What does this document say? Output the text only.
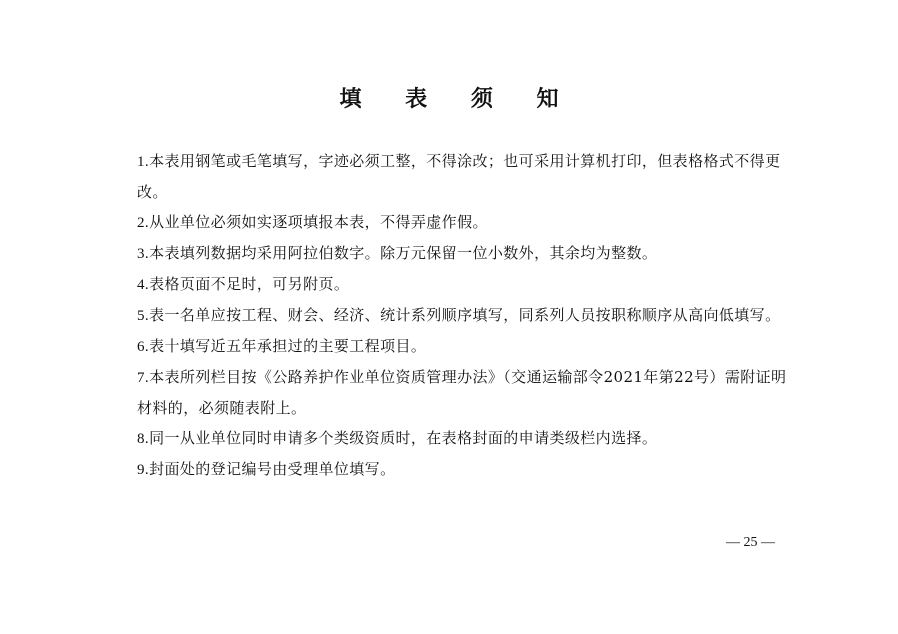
填 表 须 知

1.本表用钢笔或毛笔填写，字迹必须工整，不得涂改；也可采用计算机打印，但表格格式不得更改。

2.从业单位必须如实逐项填报本表，不得弄虚作假。

3.本表填列数据均采用阿拉伯数字。除万元保留一位小数外，其余均为整数。

4.表格页面不足时，可另附页。

5.表一名单应按工程、财会、经济、统计系列顺序填写，同系列人员按职称顺序从高向低填写。

6.表十填写近五年承担过的主要工程项目。

7.本表所列栏目按《公路养护作业单位资质管理办法》（交通运输部令2021年第22号）需附证明材料的，必须随表附上。

8.同一从业单位同时申请多个类级资质时，在表格封面的申请类级栏内选择。

9.封面处的登记编号由受理单位填写。

— 25 —
